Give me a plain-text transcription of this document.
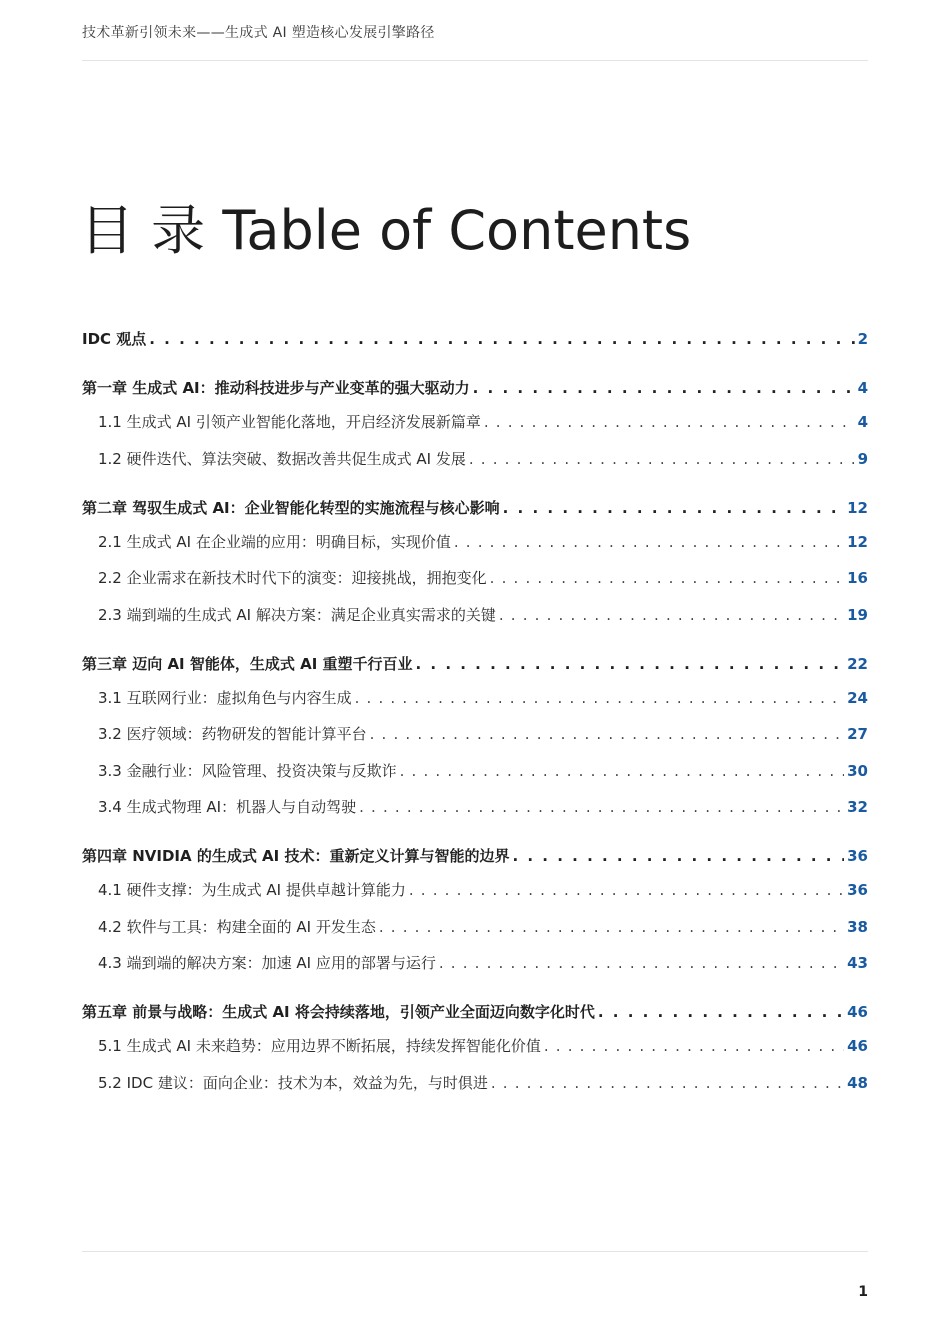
技术革新引领未来——生成式 AI 塑造核心发展引擎路径
目 录 Table of Contents
IDC 观点 . . .	2
第一章 生成式 AI：推动科技进步与产业变革的强大驱动力 . . .	4
1.1 生成式 AI 引领产业智能化落地，开启经济发展新篇章 . . .	4
1.2 硬件迭代、算法突破、数据改善共促生成式 AI 发展 . . .	9
第二章 驾驭生成式 AI：企业智能化转型的实施流程与核心影响 . . .	12
2.1 生成式 AI 在企业端的应用：明确目标，实现价值 . . .	12
2.2 企业需求在新技术时代下的演变：迎接挑战，拥抱变化 . . .	16
2.3 端到端的生成式 AI 解决方案：满足企业真实需求的关键 . . .	19
第三章 迈向 AI 智能体，生成式 AI 重塑千行百业 . . .	22
3.1 互联网行业：虚拟角色与内容生成 . . .	24
3.2 医疗领域：药物研发的智能计算平台 . . .	27
3.3 金融行业：风险管理、投资决策与反欺诈 . . .	30
3.4 生成式物理 AI：机器人与自动驾驶 . . .	32
第四章 NVIDIA 的生成式 AI 技术：重新定义计算与智能的边界 . . .	36
4.1 硬件支撑：为生成式 AI 提供卓越计算能力 . . .	36
4.2 软件与工具：构建全面的 AI 开发生态 . . .	38
4.3 端到端的解决方案：加速 AI 应用的部署与运行 . . .	43
第五章 前景与战略：生成式 AI 将会持续落地，引领产业全面迈向数字化时代 . . .	46
5.1 生成式 AI 未来趋势：应用边界不断拓展，持续发挥智能化价值 . . .	46
5.2 IDC 建议：面向企业：技术为本，效益为先，与时俱进 . . .	48
1
